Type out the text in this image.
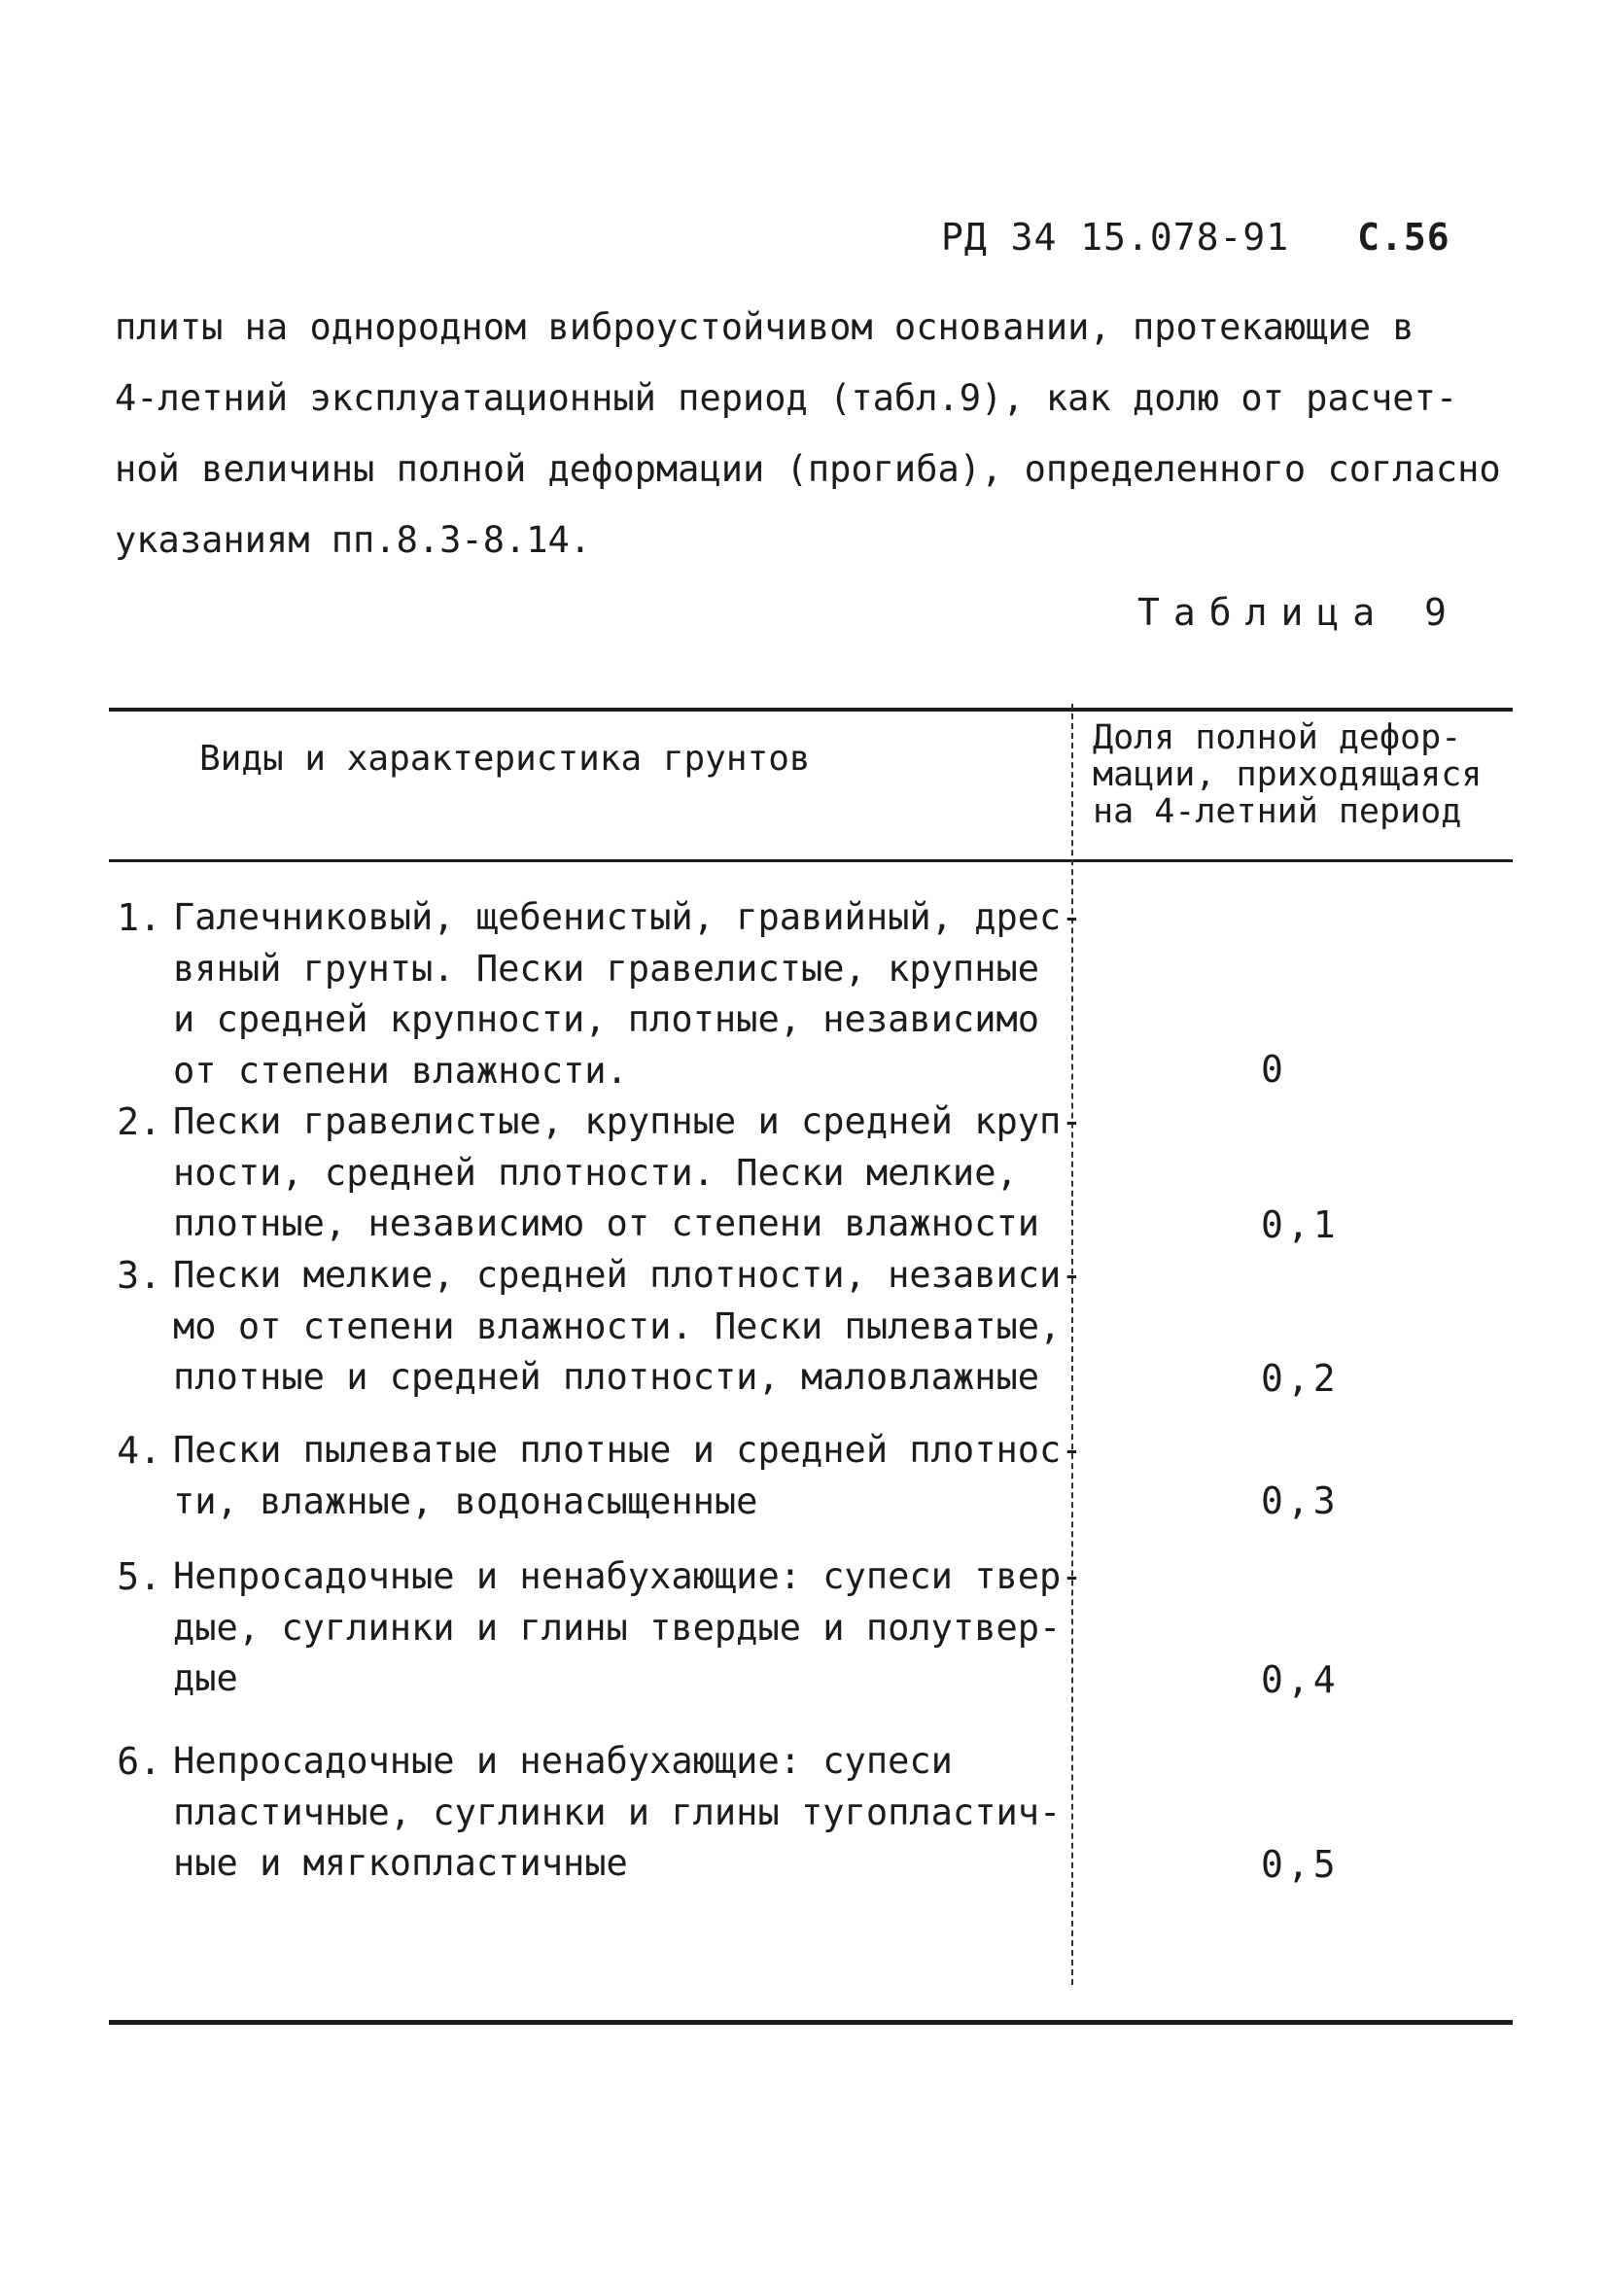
РД 34 15.078-91 С.56
плиты на однородном виброустойчивом основании, протекающие в
4-летний эксплуатационный период (табл.9), как долю от расчет-
ной величины полной деформации (прогиба), определенного согласно
указаниям пп.8.3-8.14.
Таблица 9
Виды и характеристика грунтов
Доля полной дефор-
мации, приходящаяся
на 4-летний период
1. Галечниковый, щебенистый, гравийный, дрес-
вяный грунты. Пески гравелистые, крупные
и средней крупности, плотные, независимо
от степени влажности.	0
2. Пески гравелистые, крупные и средней круп-
ности, средней плотности. Пески мелкие,
плотные, независимо от степени влажности	0,1
3. Пески мелкие, средней плотности, независи-
мо от степени влажности. Пески пылеватые,
плотные и средней плотности, маловлажные	0,2
4. Пески пылеватые плотные и средней плотнос-
ти, влажные, водонасыщенные	0,3
5. Непросадочные и ненабухающие: супеси твер-
дые, суглинки и глины твердые и полутвер-
дые	0,4
6. Непросадочные и ненабухающие: супеси
пластичные, суглинки и глины тугопластич-
ные и мягкопластичные	0,5
